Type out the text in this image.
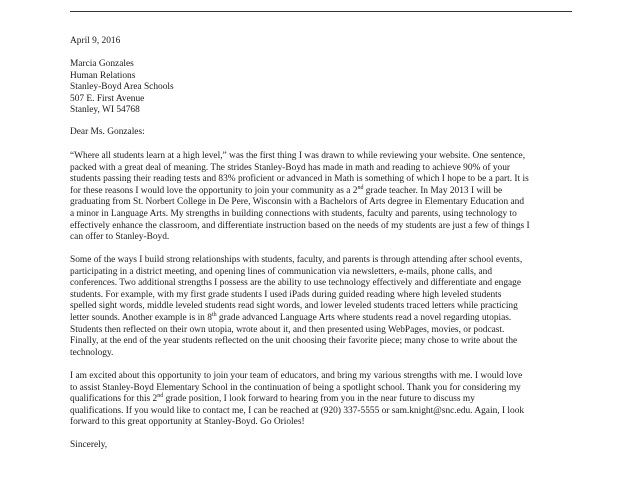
April 9, 2016
Marcia Gonzales
Human Relations
Stanley-Boyd Area Schools
507 E. First Avenue
Stanley, WI 54768
Dear Ms. Gonzales:
“Where all students learn at a high level,” was the first thing I was drawn to while reviewing your website. One sentence,
packed with a great deal of meaning. The strides Stanley-Boyd has made in math and reading to achieve 90% of your
students passing their reading tests and 83% proficient or advanced in Math is something of which I hope to be a part. It is
for these reasons I would love the opportunity to join your community as a 2nd grade teacher. In May 2013 I will be
graduating from St. Norbert College in De Pere, Wisconsin with a Bachelors of Arts degree in Elementary Education and
a minor in Language Arts. My strengths in building connections with students, faculty and parents, using technology to
effectively enhance the classroom, and differentiate instruction based on the needs of my students are just a few of things I
can offer to Stanley-Boyd.
Some of the ways I build strong relationships with students, faculty, and parents is through attending after school events,
participating in a district meeting, and opening lines of communication via newsletters, e-mails, phone calls, and
conferences. Two additional strengths I possess are the ability to use technology effectively and differentiate and engage
students. For example, with my first grade students I used iPads during guided reading where high leveled students
spelled sight words, middle leveled students read sight words, and lower leveled students traced letters while practicing
letter sounds. Another example is in 8th grade advanced Language Arts where students read a novel regarding utopias.
Students then reflected on their own utopia, wrote about it, and then presented using WebPages, movies, or podcast.
Finally, at the end of the year students reflected on the unit choosing their favorite piece; many chose to write about the
technology.
I am excited about this opportunity to join your team of educators, and bring my various strengths with me. I would love
to assist Stanley-Boyd Elementary School in the continuation of being a spotlight school. Thank you for considering my
qualifications for this 2nd grade position, I look forward to hearing from you in the near future to discuss my
qualifications. If you would like to contact me, I can be reached at (920) 337-5555 or sam.knight@snc.edu. Again, I look
forward to this great opportunity at Stanley-Boyd. Go Orioles!
Sincerely,
